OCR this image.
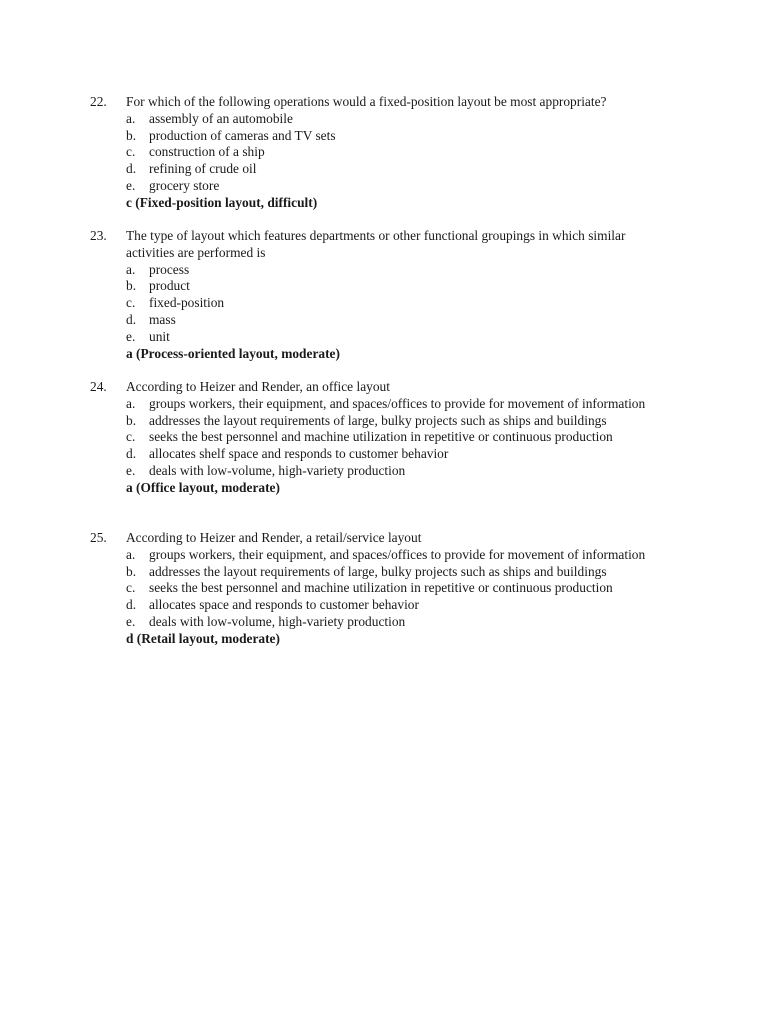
22.	For which of the following operations would a fixed-position layout be most appropriate?
a. assembly of an automobile
b. production of cameras and TV sets
c. construction of a ship
d. refining of crude oil
e. grocery store
c (Fixed-position layout, difficult)
23.	The type of layout which features departments or other functional groupings in which similar activities are performed is
a. process
b. product
c. fixed-position
d. mass
e. unit
a (Process-oriented layout, moderate)
24.	According to Heizer and Render, an office layout
a. groups workers, their equipment, and spaces/offices to provide for movement of information
b. addresses the layout requirements of large, bulky projects such as ships and buildings
c. seeks the best personnel and machine utilization in repetitive or continuous production
d. allocates shelf space and responds to customer behavior
e. deals with low-volume, high-variety production
a (Office layout, moderate)
25.	According to Heizer and Render, a retail/service layout
a. groups workers, their equipment, and spaces/offices to provide for movement of information
b. addresses the layout requirements of large, bulky projects such as ships and buildings
c. seeks the best personnel and machine utilization in repetitive or continuous production
d. allocates space and responds to customer behavior
e. deals with low-volume, high-variety production
d (Retail layout, moderate)
